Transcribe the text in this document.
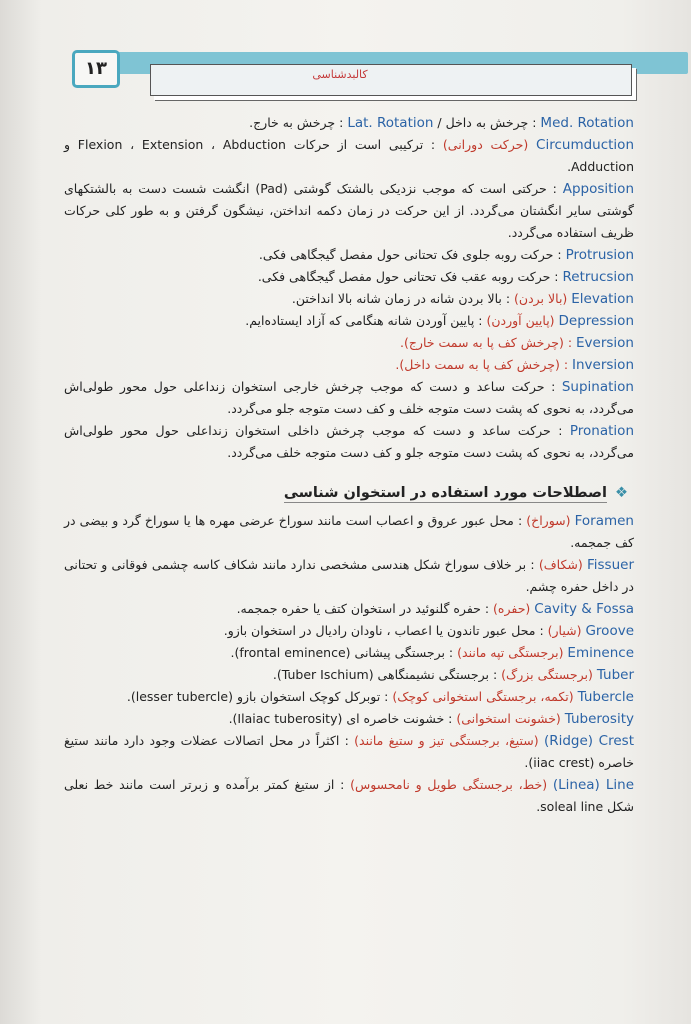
کالبدشناسی
۱۳

Med. Rotation : چرخش به داخل / Lat. Rotation : چرخش به خارج.

Circumduction (حرکت دورانی) : ترکیبی است از حرکات Flexion ، Extension ، Abduction و Adduction.

Apposition : حرکتی است که موجب نزدیکی بالشتک گوشتی (Pad) انگشت شست دست به بالشتکهای گوشتی سایر انگشتان می‌گردد. از این حرکت در زمان دکمه انداختن، نیشگون گرفتن و به طور کلی حرکات ظریف استفاده می‌گردد.

Protrusion : حرکت روبه جلوی فک تحتانی حول مفصل گیجگاهی فکی.

Retrucsion : حرکت روبه عقب فک تحتانی حول مفصل گیجگاهی فکی.

Elevation (بالا بردن) : بالا بردن شانه در زمان شانه بالا انداختن.

Depression (پایین آوردن) : پایین آوردن شانه هنگامی که آزاد ایستاده‌ایم.

Eversion : (چرخش کف پا به سمت خارج).

Inversion : (چرخش کف پا به سمت داخل).

Supination : حرکت ساعد و دست که موجب چرخش خارجی استخوان زنداعلی حول محور طولی‌اش می‌گردد، به نحوی که پشت دست متوجه خلف و کف دست متوجه جلو می‌گردد.

Pronation : حرکت ساعد و دست که موجب چرخش داخلی استخوان زنداعلی حول محور طولی‌اش می‌گردد، به نحوی که پشت دست متوجه جلو و کف دست متوجه خلف می‌گردد.

❖اصطلاحات مورد استفاده در استخوان شناسی

Foramen (سوراخ) : محل عبور عروق و اعصاب است مانند سوراخ عرضی مهره ها یا سوراخ گرد و بیضی در کف جمجمه.

Fissuer (شکاف) : بر خلاف سوراخ شکل هندسی مشخصی ندارد مانند شکاف کاسه چشمی فوقانی و تحتانی در داخل حفره چشم.

Cavity & Fossa (حفره) : حفره گلنوئید در استخوان کتف یا حفره جمجمه.

Groove (شیار) : محل عبور تاندون یا اعصاب ، ناودان رادیال در استخوان بازو.

Eminence (برجستگی تپه مانند) : برجستگی پیشانی (frontal eminence).

Tuber (برجستگی بزرگ) : برجستگی نشیمنگاهی (Tuber Ischium).

Tubercle (تکمه، برجستگی استخوانی کوچک) : توبرکل کوچک استخوان بازو (lesser tubercle).

Tuberosity (خشونت استخوانی) : خشونت خاصره ای (Ilaiac tuberosity).

(Ridge) Crest (ستیغ، برجستگی تیز و ستیغ مانند) : اکثراً در محل اتصالات عضلات وجود دارد مانند ستیغ خاصره (iiac crest).

(Linea) Line (خط، برجستگی طویل و نامحسوس) : از ستیغ کمتر برآمده و زبرتر است مانند خط نعلی شکل soleal line.
